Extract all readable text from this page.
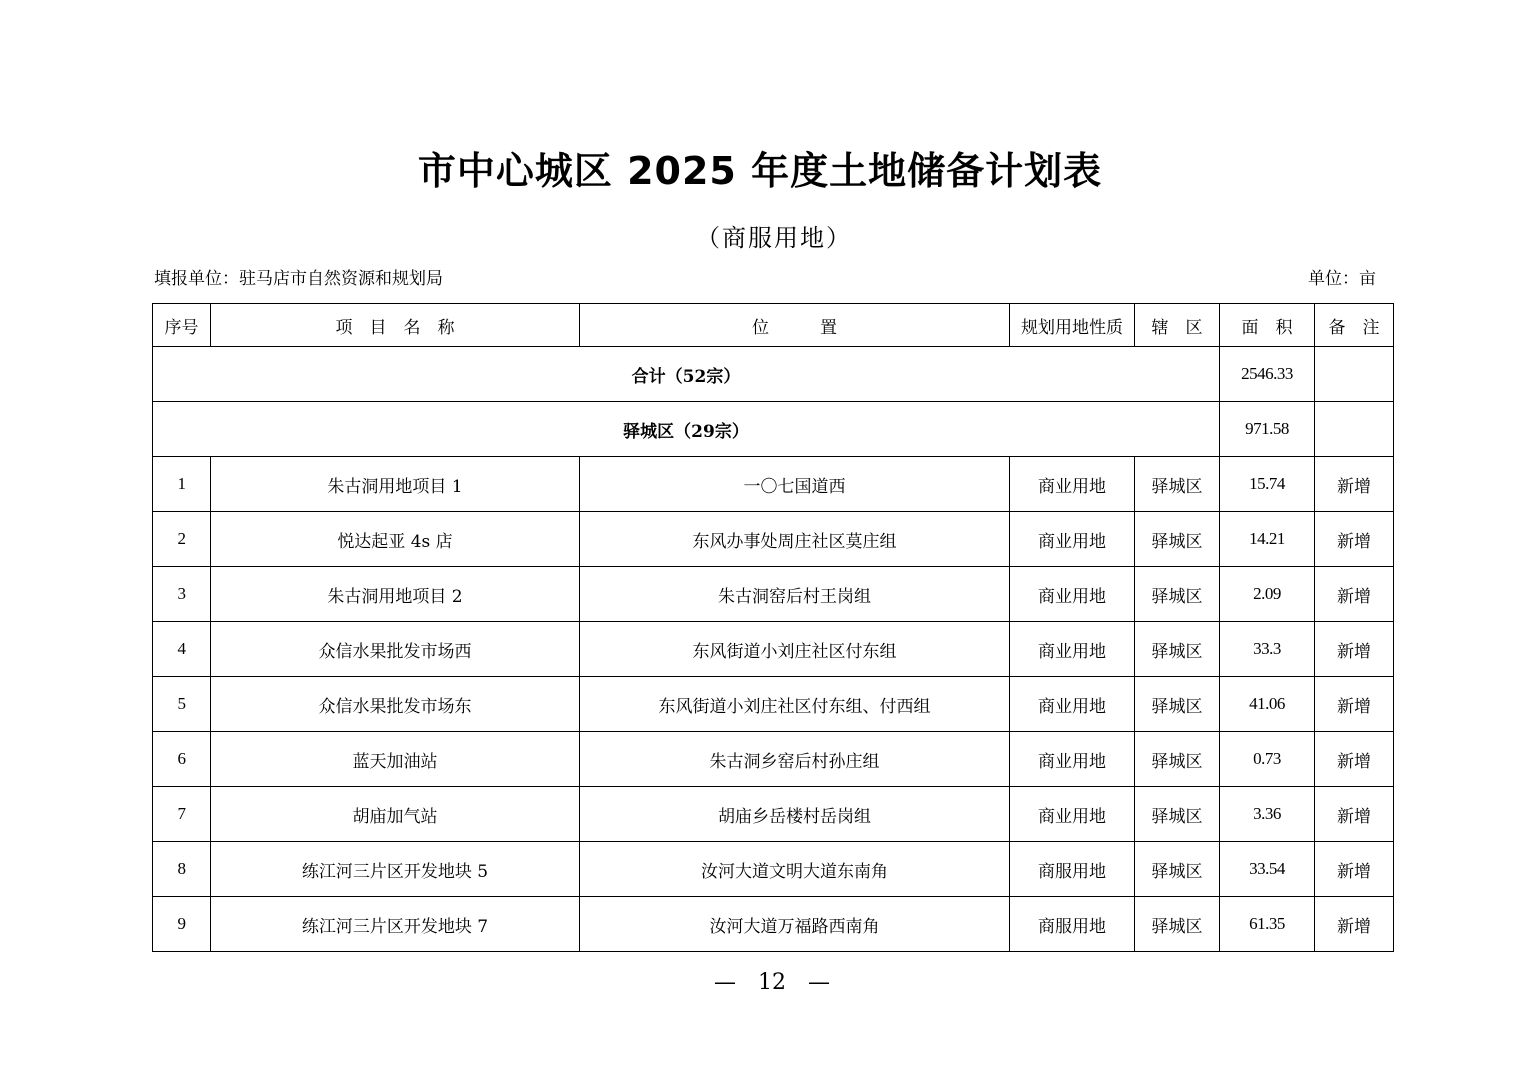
市中心城区 2025 年度土地储备计划表
（商服用地）
填报单位：驻马店市自然资源和规划局	单位：亩
序号	项　目　名　称	位　　　置	规划用地性质	辖　区	面　积	备　注
合计（52宗）					2546.33	
驿城区（29宗）					971.58	
1	朱古洞用地项目 1	一〇七国道西	商业用地	驿城区	15.74	新增
2	悦达起亚 4s 店	东风办事处周庄社区莫庄组	商业用地	驿城区	14.21	新增
3	朱古洞用地项目 2	朱古洞窑后村王岗组	商业用地	驿城区	2.09	新增
4	众信水果批发市场西	东风街道小刘庄社区付东组	商业用地	驿城区	33.3	新增
5	众信水果批发市场东	东风街道小刘庄社区付东组、付西组	商业用地	驿城区	41.06	新增
6	蓝天加油站	朱古洞乡窑后村孙庄组	商业用地	驿城区	0.73	新增
7	胡庙加气站	胡庙乡岳楼村岳岗组	商业用地	驿城区	3.36	新增
8	练江河三片区开发地块 5	汝河大道文明大道东南角	商服用地	驿城区	33.54	新增
9	练江河三片区开发地块 7	汝河大道万福路西南角	商服用地	驿城区	61.35	新增
—　12　—
